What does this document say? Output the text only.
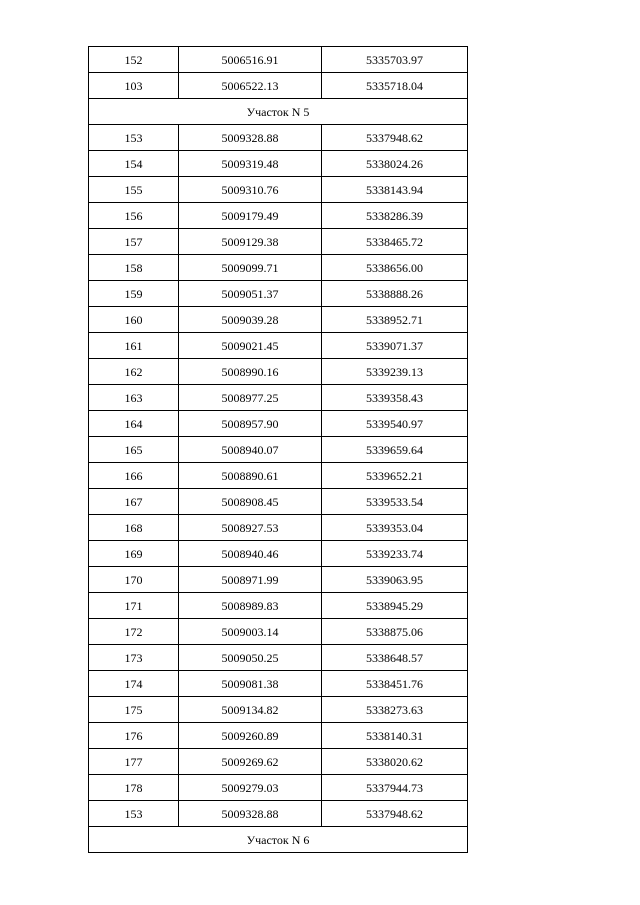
152	5006516.91	5335703.97
103	5006522.13	5335718.04
Участок N 5		
153	5009328.88	5337948.62
154	5009319.48	5338024.26
155	5009310.76	5338143.94
156	5009179.49	5338286.39
157	5009129.38	5338465.72
158	5009099.71	5338656.00
159	5009051.37	5338888.26
160	5009039.28	5338952.71
161	5009021.45	5339071.37
162	5008990.16	5339239.13
163	5008977.25	5339358.43
164	5008957.90	5339540.97
165	5008940.07	5339659.64
166	5008890.61	5339652.21
167	5008908.45	5339533.54
168	5008927.53	5339353.04
169	5008940.46	5339233.74
170	5008971.99	5339063.95
171	5008989.83	5338945.29
172	5009003.14	5338875.06
173	5009050.25	5338648.57
174	5009081.38	5338451.76
175	5009134.82	5338273.63
176	5009260.89	5338140.31
177	5009269.62	5338020.62
178	5009279.03	5337944.73
153	5009328.88	5337948.62
Участок N 6		
